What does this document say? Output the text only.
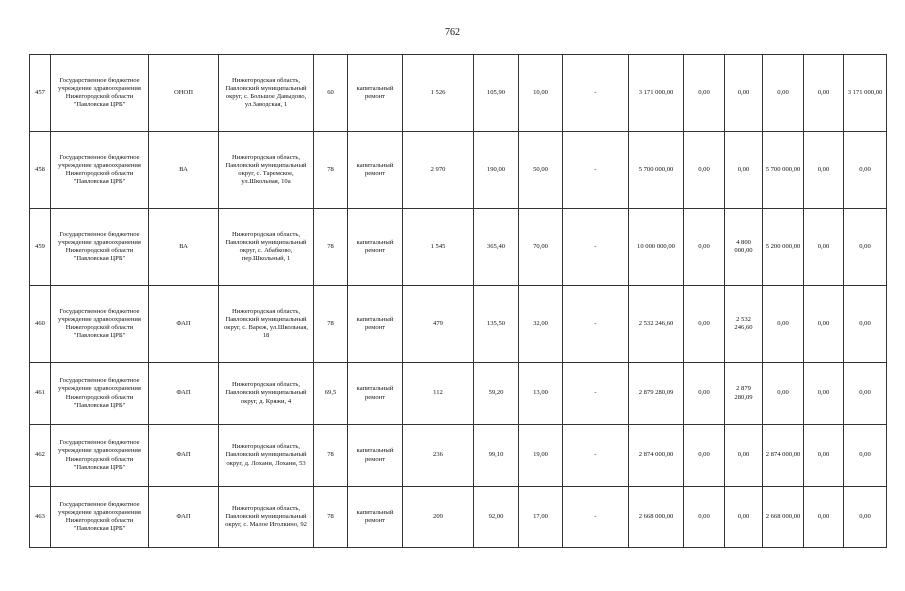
762
457	Государственное бюджетное учреждение здравоохранения Нижегородской области "Павловская ЦРБ"	ОНОП	Нижегородская область, Павловский муниципальный округ, с. Большое Давыдово, ул.Заводская, 1	60	капитальный ремонт	1 526	105,90	10,00	-	3 171 000,00	0,00	0,00	0,00	0,00	3 171 000,00
458	Государственное бюджетное учреждение здравоохранения Нижегородской области "Павловская ЦРБ"	ВА	Нижегородская область, Павловский муниципальный округ, с. Таремское, ул.Школьная, 10а	78	капитальный ремонт	2 970	190,00	50,00	-	5 700 000,00	0,00	0,00	5 700 000,00	0,00	0,00
459	Государственное бюджетное учреждение здравоохранения Нижегородской области "Павловская ЦРБ"	ВА	Нижегородская область, Павловский муниципальный округ, с. Абабково, пер.Школьный, 1	78	капитальный ремонт	1 545	365,40	70,00	-	10 000 000,00	0,00	4 800 000,00	5 200 000,00	0,00	0,00
460	Государственное бюджетное учреждение здравоохранения Нижегородской области "Павловская ЦРБ"	ФАП	Нижегородская область, Павловский муниципальный округ, с. Вареж, ул.Школьная, 18	78	капитальный ремонт	479	135,50	32,00	-	2 532 246,60	0,00	2 532 246,60	0,00	0,00	0,00
461	Государственное бюджетное учреждение здравоохранения Нижегородской области "Павловская ЦРБ"	ФАП	Нижегородская область, Павловский муниципальный округ, д. Кряжи, 4	69,5	капитальный ремонт	112	59,20	13,00	-	2 879 280,09	0,00	2 879 280,09	0,00	0,00	0,00
462	Государственное бюджетное учреждение здравоохранения Нижегородской области "Павловская ЦРБ"	ФАП	Нижегородская область, Павловский муниципальный округ, д. Лохани, Лохани, 53	78	капитальный ремонт	236	99,10	19,00	-	2 874 000,00	0,00	0,00	2 874 000,00	0,00	0,00
463	Государственное бюджетное учреждение здравоохранения Нижегородской области "Павловская ЦРБ"	ФАП	Нижегородская область, Павловский муниципальный округ, с. Малое Иголкино, 92	78	капитальный ремонт	209	92,00	17,00	-	2 668 000,00	0,00	0,00	2 668 000,00	0,00	0,00
